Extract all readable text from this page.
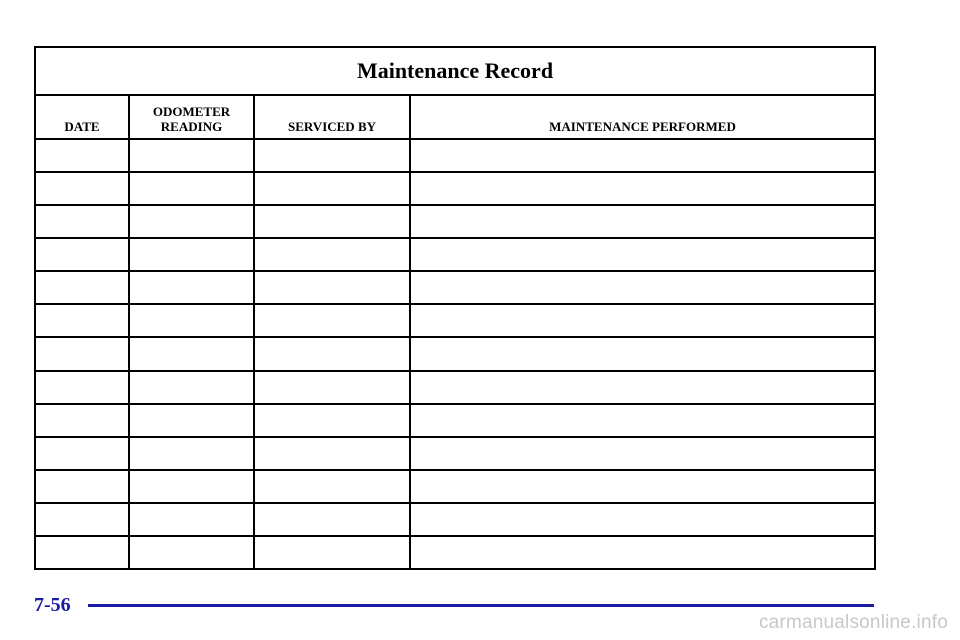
Maintenance Record
DATE
ODOMETER
READING	SERVICED BY	MAINTENANCE PERFORMED
7-56
carmanualsonline.info
